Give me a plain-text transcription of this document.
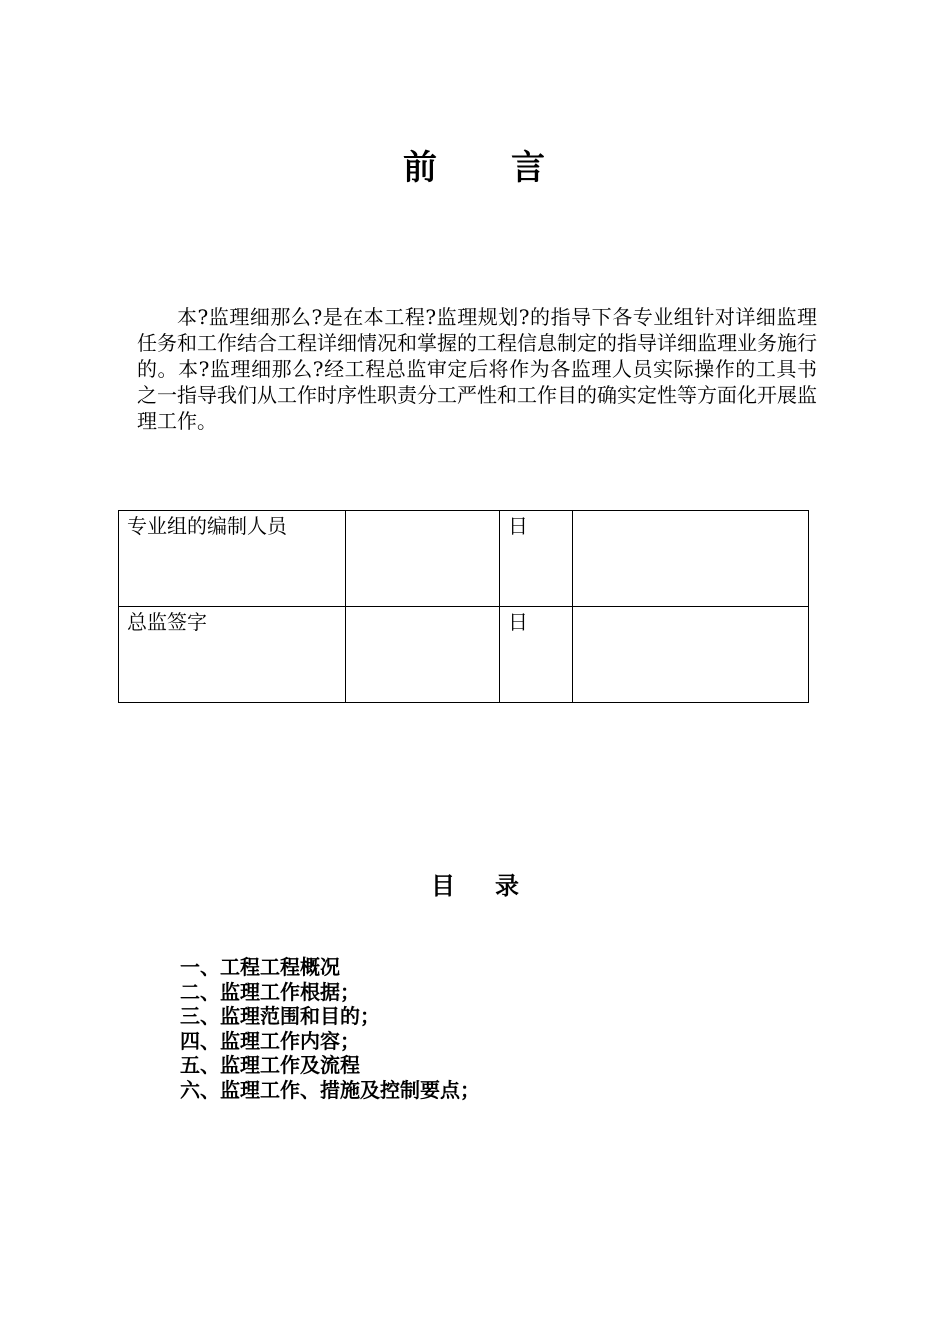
前 言

本?监理细那么?是在本工程?监理规划?的指导下各专业组针对详细监理任务和工作结合工程详细情况和掌握的工程信息制定的指导详细监理业务施行的。本?监理细那么?经工程总监审定后将作为各监理人员实际操作的工具书之一指导我们从工作时序性职责分工严性和工作目的确实定性等方面化开展监理工作。

专业组的编制人员		日	
总监签字		日	
目 录
一、工程工程概况
二、监理工作根据；
三、监理范围和目的；
四、监理工作内容；
五、监理工作及流程
六、监理工作、措施及控制要点；
